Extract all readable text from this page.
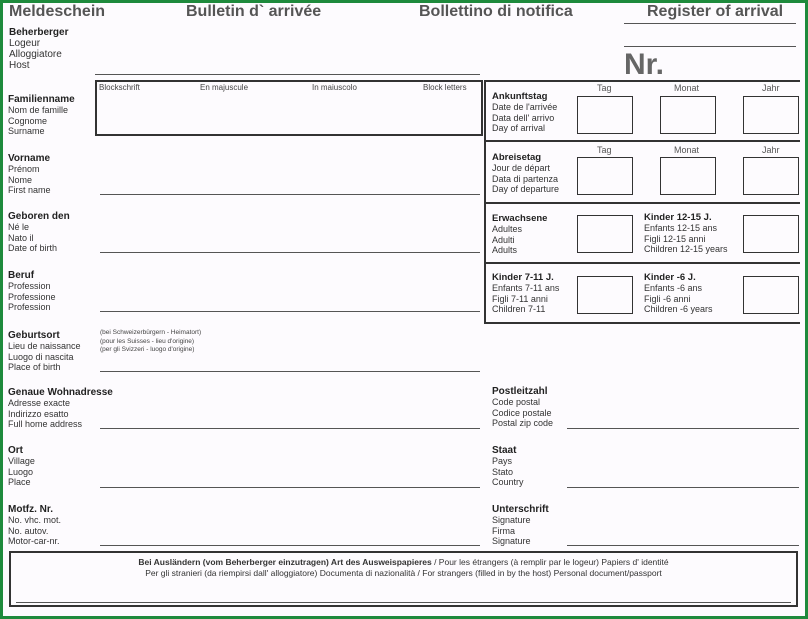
Meldeschein	Bulletin d` arrivée	Bollettino di notifica	Register of arrival
Nr.
Beherberger
Logeur
Alloggiatore
Host
Blockschrift	En majuscule	In maiuscolo	Block letters
Familienname
Nom de famille
Cognome
Surname
Vorname
Prénom
Nome
First name
Geboren den
Né le
Nato il
Date of birth
Beruf
Profession
Professione
Profession
Geburtsort
Lieu de naissance
Luogo di nascita
Place of birth
(bei Schweizerbürgern - Heimatort)
(pour les Suisses - lieu d'origine)
(per gli Svizzeri - luogo d'origine)
Genaue Wohnadresse
Adresse exacte
Indirizzo esatto
Full home address
Ort
Village
Luogo
Place
Motfz. Nr.
No. vhc. mot.
No. autov.
Motor-car-nr.
Ankunftstag
Date de l'arrivée
Data dell' arrivo
Day of arrival
Tag	Monat	Jahr
Abreisetag
Jour de départ
Data di partenza
Day of departure
Tag	Monat	Jahr
Erwachsene
Adultes
Adulti
Adults
Kinder 12-15 J.
Enfants 12-15 ans
Figli 12-15 anni
Children 12-15 years
Kinder 7-11 J.
Enfants 7-11 ans
Figli 7-11 anni
Children 7-11
Kinder -6 J.
Enfants -6 ans
Figli -6 anni
Children -6 years
Postleitzahl
Code postal
Codice postale
Postal zip code
Staat
Pays
Stato
Country
Unterschrift
Signature
Firma
Signature
Bei Ausländern (vom Beherberger einzutragen) Art des Ausweispapieres / Pour les étrangers (à remplir par le logeur) Papiers d' identité
Per gli stranieri (da riempirsi dall' alloggiatore) Documenta di nazionalità / For strangers (filled in by the host) Personal document/passport
